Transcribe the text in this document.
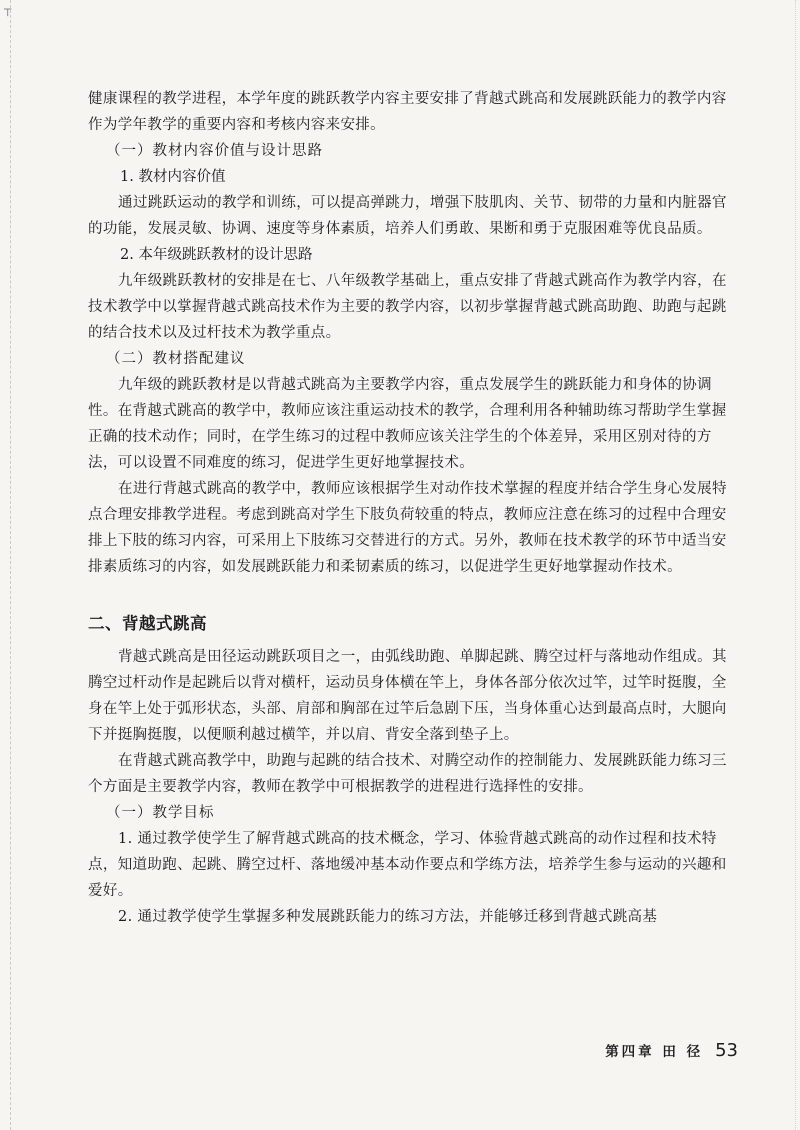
┬

健康课程的教学进程，本学年度的跳跃教学内容主要安排了背越式跳高和发展跳跃能力的教学内容作为学年教学的重要内容和考核内容来安排。

（一）教材内容价值与设计思路

1. 教材内容价值

通过跳跃运动的教学和训练，可以提高弹跳力，增强下肢肌肉、关节、韧带的力量和内脏器官的功能，发展灵敏、协调、速度等身体素质，培养人们勇敢、果断和勇于克服困难等优良品质。

2. 本年级跳跃教材的设计思路

九年级跳跃教材的安排是在七、八年级教学基础上，重点安排了背越式跳高作为教学内容，在技术教学中以掌握背越式跳高技术作为主要的教学内容，以初步掌握背越式跳高助跑、助跑与起跳的结合技术以及过杆技术为教学重点。

（二）教材搭配建议

九年级的跳跃教材是以背越式跳高为主要教学内容，重点发展学生的跳跃能力和身体的协调性。在背越式跳高的教学中，教师应该注重运动技术的教学，合理利用各种辅助练习帮助学生掌握正确的技术动作；同时，在学生练习的过程中教师应该关注学生的个体差异，采用区别对待的方法，可以设置不同难度的练习，促进学生更好地掌握技术。

在进行背越式跳高的教学中，教师应该根据学生对动作技术掌握的程度并结合学生身心发展特点合理安排教学进程。考虑到跳高对学生下肢负荷较重的特点，教师应注意在练习的过程中合理安排上下肢的练习内容，可采用上下肢练习交替进行的方式。另外，教师在技术教学的环节中适当安排素质练习的内容，如发展跳跃能力和柔韧素质的练习，以促进学生更好地掌握动作技术。

二、背越式跳高

背越式跳高是田径运动跳跃项目之一，由弧线助跑、单脚起跳、腾空过杆与落地动作组成。其腾空过杆动作是起跳后以背对横杆，运动员身体横在竿上，身体各部分依次过竿，过竿时挺腹，全身在竿上处于弧形状态，头部、肩部和胸部在过竿后急剧下压，当身体重心达到最高点时，大腿向下并挺胸挺腹，以便顺利越过横竿，并以肩、背安全落到垫子上。

在背越式跳高教学中，助跑与起跳的结合技术、对腾空动作的控制能力、发展跳跃能力练习三个方面是主要教学内容，教师在教学中可根据教学的进程进行选择性的安排。

（一）教学目标

1. 通过教学使学生了解背越式跳高的技术概念，学习、体验背越式跳高的动作过程和技术特点，知道助跑、起跳、腾空过杆、落地缓冲基本动作要点和学练方法，培养学生参与运动的兴趣和爱好。

2. 通过教学使学生掌握多种发展跳跃能力的练习方法，并能够迁移到背越式跳高基

第四章 田 径 53
